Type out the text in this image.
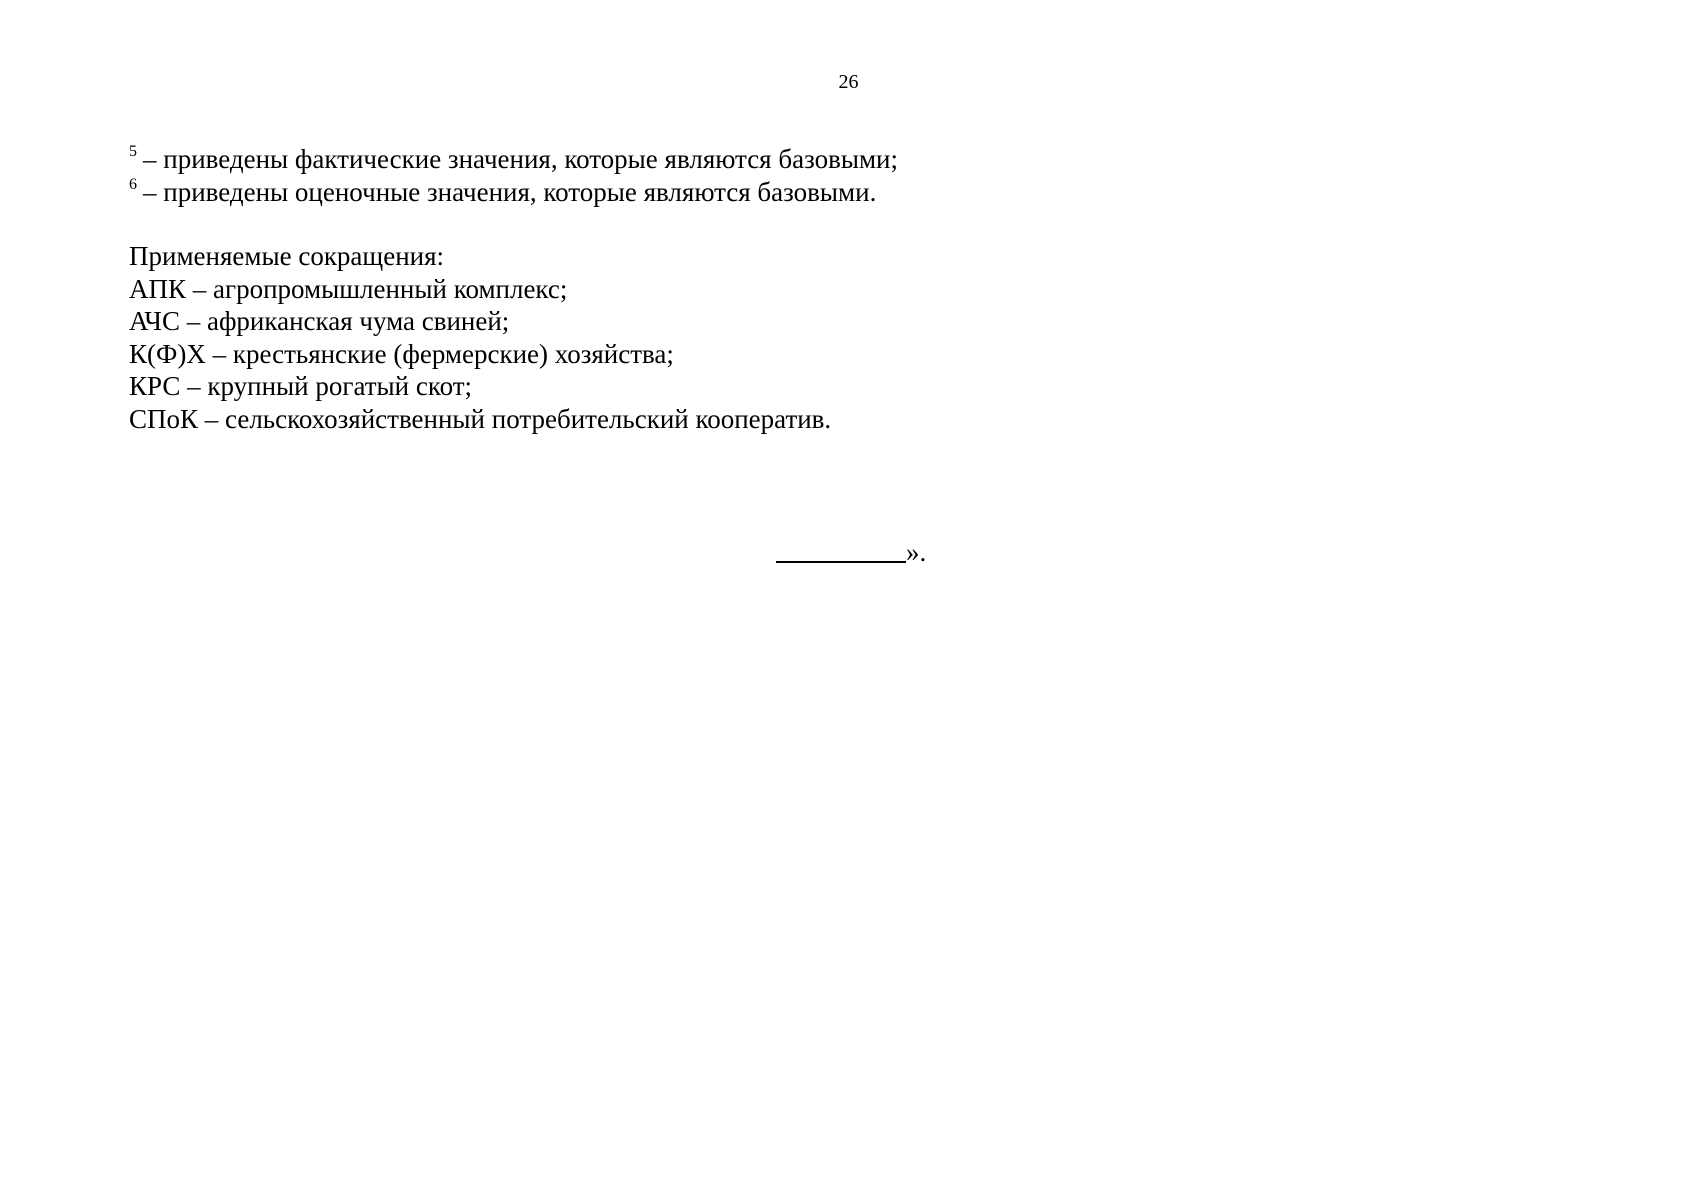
26
$^5$ – приведены фактические значения, которые являются базовыми;
$^6$ – приведены оценочные значения, которые являются базовыми.
Применяемые сокращения:
АПК – агропромышленный комплекс;
АЧС – африканская чума свиней;
К(Ф)Х – крестьянские (фермерские) хозяйства;
КРС – крупный рогатый скот;
СПоК – сельскохозяйственный потребительский кооператив.
».
